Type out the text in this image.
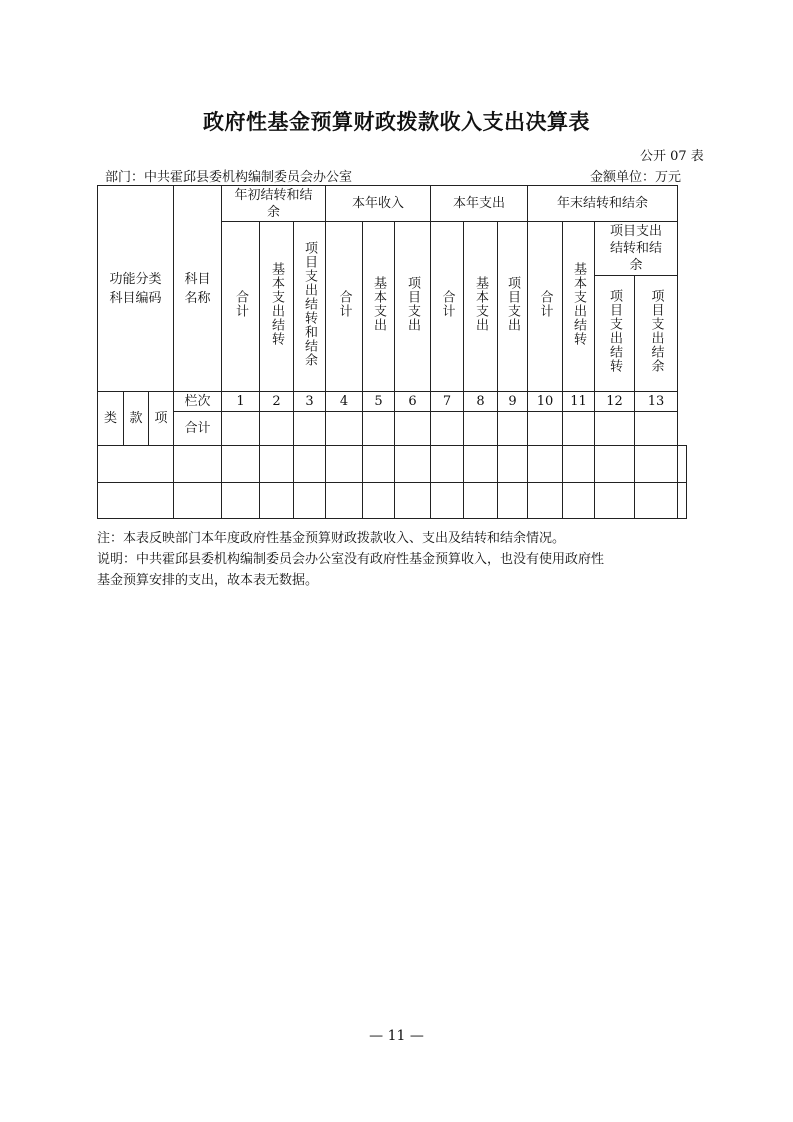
政府性基金预算财政拨款收入支出决算表
公开 07 表
部门：中共霍邱县委机构编制委员会办公室	金额单位：万元
功能分类科目编码			科目名称	年初结转和结余			本年收入			本年支出			年末结转和结余				
				合计	基本支出结转	项目支出结转和结余	合计	基本支出	项目支出	合计	基本支出	项目支出	合计	基本支出结转	项目支出结转和结余		

															项目支出结转	项目支出结余	

类	款	项	栏次	1	2	3	4	5	6	7	8	9	10	11	12	13	
			合计														

注：本表反映部门本年度政府性基金预算财政拨款收入、支出及结转和结余情况。
说明：中共霍邱县委机构编制委员会办公室没有政府性基金预算收入，也没有使用政府性
基金预算安排的支出，故本表无数据。
— 11 —
